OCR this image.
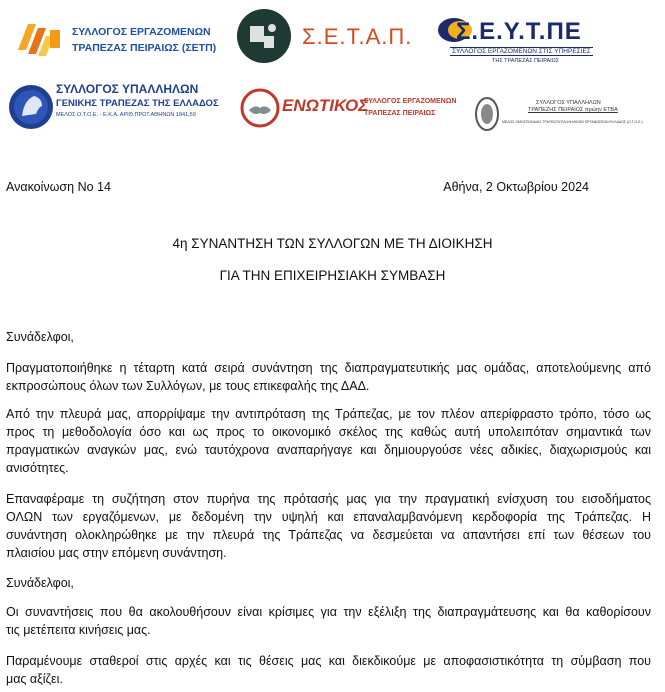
ΣΥΛΛΟΓΟΣ ΕΡΓΑΖΟΜΕΝΩΝ
ΤΡΑΠΕΖΑΣ ΠΕΙΡΑΙΩΣ (ΣΕΤΠ)	Σ.Ε.Τ.Α.Π. Σ.Ε.Υ.Τ.ΠΕ
ΣΥΛΛΟΓΟΣ ΕΡΓΑΖΟΜΕΝΩΝ ΣΤΙΣ ΥΠΗΡΕΣΙΕΣ
ΤΗΣ ΤΡΑΠΕΖΑΣ ΠΕΙΡΑΙΩΣ
ΣΥΛΛΟΓΟΣ ΥΠΑΛΛΗΛΩΝ
ΓΕΝΙΚΗΣ ΤΡΑΠΕΖΑΣ ΤΗΣ ΕΛΛΑΔΟΣ
ΜΕΛΟΣ Ο.Τ.Ο.Ε. - Ε.Κ.Α. ΑΡΙΘ.ΠΡΩΤ.ΑΘΗΝΩΝ 1841,59	ΕΝΩΤΙΚΟΣ
ΣΥΛΛΟΓΟΣ ΕΡΓΑΖΟΜΕΝΩΝ
ΤΡΑΠΕΖΑΣ ΠΕΙΡΑΙΩΣ
ΣΥΛΛΟΓΟΣ ΥΠΑΛΛΗΛΩΝ
ΤΡΑΠΕΖΗΣ ΠΕΙΡΑΙΩΣ πρώην ΕΤΒΑ
ΜΕΛΟΣ ΟΜΟΣΠΟΝΔΙΑΣ ΤΡΑΠΕΖΟΥΠΑΛΛΗΛΙΚΩΝ ΟΡΓΑΝΩΣΕΩΝ ΕΛΛΑΔΟΣ (Ο.Τ.Ο.Ε.)
Ανακοίνωση Νο 14	Αθήνα, 2 Οκτωβρίου 2024
4η ΣΥΝΑΝΤΗΣΗ ΤΩΝ ΣΥΛΛΟΓΩΝ ΜΕ ΤΗ ΔΙΟΙΚΗΣΗ
ΓΙΑ ΤΗΝ ΕΠΙΧΕΙΡΗΣΙΑΚΗ ΣΥΜΒΑΣΗ
Συνάδελφοι,
Πραγματοποιήθηκε η τέταρτη κατά σειρά συνάντηση της διαπραγματευτικής μας ομάδας, αποτελούμενης από
εκπροσώπους όλων των Συλλόγων, με τους επικεφαλής της ΔΑΔ.
Από την πλευρά μας, απορρίψαμε την αντιπρόταση της Τράπεζας, με τον πλέον απερίφραστο τρόπο, τόσο ως
προς τη μεθοδολογία όσο και ως προς το οικονομικό σκέλος της καθώς αυτή υπολειπόταν σημαντικά των
πραγματικών αναγκών μας, ενώ ταυτόχρονα αναπαρήγαγε και δημιουργούσε νέες αδικίες, διαχωρισμούς και
ανισότητες.
Επαναφέραμε τη συζήτηση στον πυρήνα της πρότασής μας για την πραγματική ενίσχυση του εισοδήματος
ΟΛΩΝ των εργαζόμενων, με δεδομένη την υψηλή και επαναλαμβανόμενη κερδοφορία της Τράπεζας. Η
συνάντηση ολοκληρώθηκε με την πλευρά της Τράπεζας να δεσμεύεται να απαντήσει επί των θέσεων του
πλαισίου μας στην επόμενη συνάντηση.
Συνάδελφοι,
Οι συναντήσεις που θα ακολουθήσουν είναι κρίσιμες για την εξέλιξη της διαπραγμάτευσης και θα καθορίσουν
τις μετέπειτα κινήσεις μας.
Παραμένουμε σταθεροί στις αρχές και τις θέσεις μας και διεκδικούμε με αποφασιστικότητα τη σύμβαση που
μας αξίζει.
